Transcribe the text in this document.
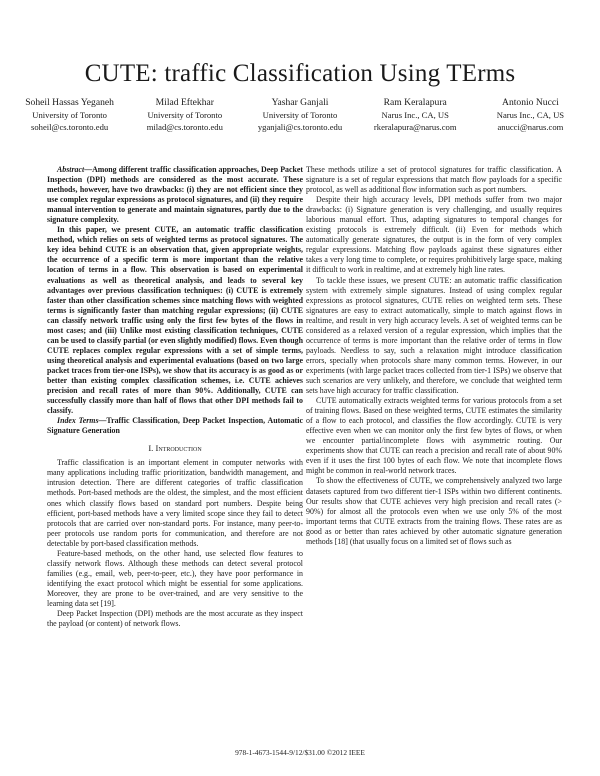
CUTE: traffic Classification Using TErms
Soheil Hassas Yeganeh
University of Toronto
soheil@cs.toronto.edu
Milad Eftekhar
University of Toronto
milad@cs.toronto.edu
Yashar Ganjali
University of Toronto
yganjali@cs.toronto.edu
Ram Keralapura
Narus Inc., CA, US
rkeralapura@narus.com
Antonio Nucci
Narus Inc., CA, US
anucci@narus.com

Abstract—Among different traffic classification approaches, Deep Packet Inspection (DPI) methods are considered as the most accurate. These methods, however, have two drawbacks: (i) they are not efficient since they use complex regular expressions as protocol signatures, and (ii) they require manual intervention to generate and maintain signatures, partly due to the signature complexity.

In this paper, we present CUTE, an automatic traffic classification method, which relies on sets of weighted terms as protocol signatures. The key idea behind CUTE is an observation that, given appropriate weights, the occurrence of a specific term is more important than the relative location of terms in a flow. This observation is based on experimental evaluations as well as theoretical analysis, and leads to several key advantages over previous classification techniques: (i) CUTE is extremely faster than other classification schemes since matching flows with weighted terms is significantly faster than matching regular expressions; (ii) CUTE can classify network traffic using only the first few bytes of the flows in most cases; and (iii) Unlike most existing classification techniques, CUTE can be used to classify partial (or even slightly modified) flows. Even though CUTE replaces complex regular expressions with a set of simple terms, using theoretical analysis and experimental evaluations (based on two large packet traces from tier-one ISPs), we show that its accuracy is as good as or better than existing complex classification schemes, i.e. CUTE achieves precision and recall rates of more than 90%. Additionally, CUTE can successfully classify more than half of flows that other DPI methods fail to classify.

Index Terms—Traffic Classification, Deep Packet Inspection, Automatic Signature Generation

I. Introduction

Traffic classification is an important element in computer networks with many applications including traffic prioritization, bandwidth management, and intrusion detection. There are different categories of traffic classification methods. Port-based methods are the oldest, the simplest, and the most efficient ones which classify flows based on standard port numbers. Despite being efficient, port-based methods have a very limited scope since they fail to detect protocols that are carried over non-standard ports. For instance, many peer-to-peer protocols use random ports for communication, and therefore are not detectable by port-based classification methods.

Feature-based methods, on the other hand, use selected flow features to classify network flows. Although these methods can detect several protocol families (e.g., email, web, peer-to-peer, etc.), they have poor performance in identifying the exact protocol which might be essential for some applications. Moreover, they are prone to be over-trained, and are very sensitive to the learning data set [19].

Deep Packet Inspection (DPI) methods are the most accurate as they inspect the payload (or content) of network flows.

These methods utilize a set of protocol signatures for traffic classification. A signature is a set of regular expressions that match flow payloads for a specific protocol, as well as additional flow information such as port numbers.

Despite their high accuracy levels, DPI methods suffer from two major drawbacks: (i) Signature generation is very challenging, and usually requires laborious manual effort. Thus, adapting signatures to temporal changes for existing protocols is extremely difficult. (ii) Even for methods which automatically generate signatures, the output is in the form of very complex regular expressions. Matching flow payloads against these signatures either takes a very long time to complete, or requires prohibitively large space, making it difficult to work in realtime, and at extremely high line rates.

To tackle these issues, we present CUTE: an automatic traffic classification system with extremely simple signatures. Instead of using complex regular expressions as protocol signatures, CUTE relies on weighted term sets. These signatures are easy to extract automatically, simple to match against flows in realtime, and result in very high accuracy levels. A set of weighted terms can be considered as a relaxed version of a regular expression, which implies that the occurrence of terms is more important than the relative order of terms in flow payloads. Needless to say, such a relaxation might introduce classification errors, specially when protocols share many common terms. However, in our experiments (with large packet traces collected from tier-1 ISPs) we observe that such scenarios are very unlikely, and therefore, we conclude that weighted term sets have high accuracy for traffic classification.

CUTE automatically extracts weighted terms for various protocols from a set of training flows. Based on these weighted terms, CUTE estimates the similarity of a flow to each protocol, and classifies the flow accordingly. CUTE is very effective even when we can monitor only the first few bytes of flows, or when we encounter partial/incomplete flows with asymmetric routing. Our experiments show that CUTE can reach a precision and recall rate of about 90% even if it uses the first 100 bytes of each flow. We note that incomplete flows might be common in real-world network traces.

To show the effectiveness of CUTE, we comprehensively analyzed two large datasets captured from two different tier-1 ISPs within two different continents. Our results show that CUTE achieves very high precision and recall rates (> 90%) for almost all the protocols even when we use only 5% of the most important terms that CUTE extracts from the training flows. These rates are as good as or better than rates achieved by other automatic signature generation methods [18] (that usually focus on a limited set of flows such as

978-1-4673-1544-9/12/$31.00 ©2012 IEEE
